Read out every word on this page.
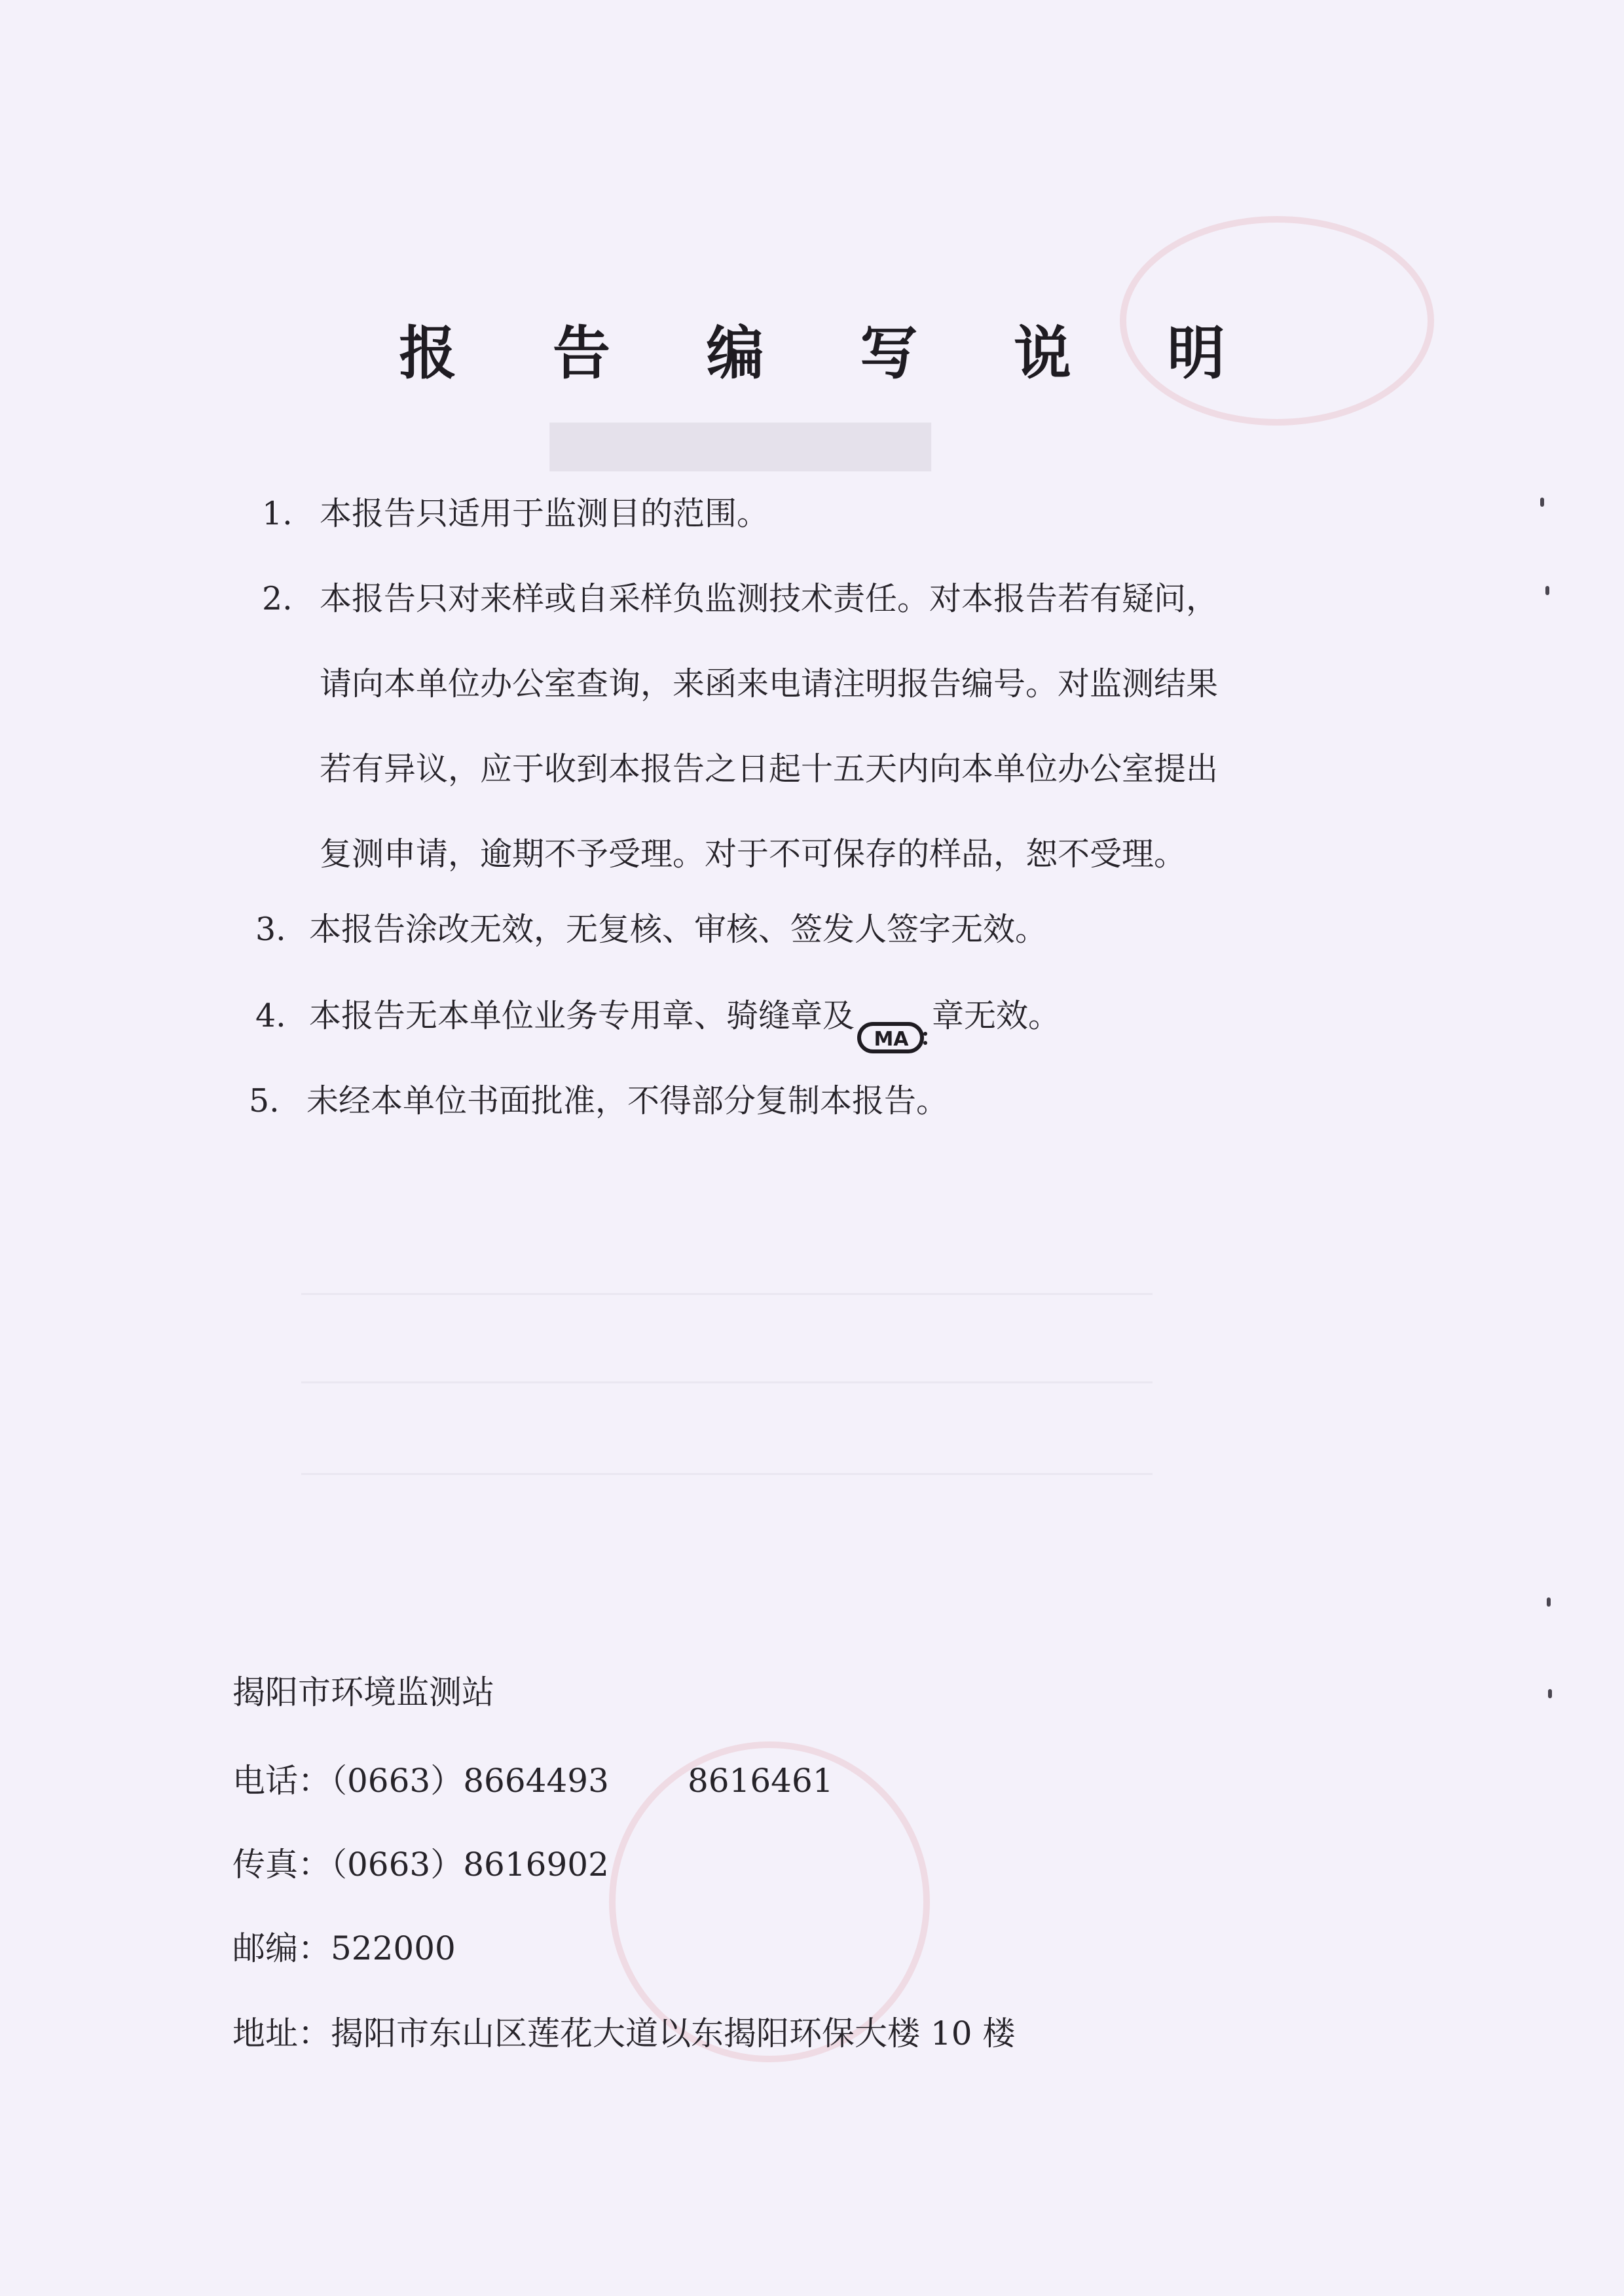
▆▆▆▆▆▆▆▆▆
报 告 编 写 说 明
1. 本报告只适用于监测目的范围。
2. 本报告只对来样或自采样负监测技术责任。对本报告若有疑问，
请向本单位办公室查询，来函来电请注明报告编号。对监测结果
若有异议，应于收到本报告之日起十五天内向本单位办公室提出
复测申请，逾期不予受理。对于不可保存的样品，恕不受理。
3. 本报告涂改无效，无复核、审核、签发人签字无效。
4. 本报告无本单位业务专用章、骑缝章及
MA
章无效。
5. 未经本单位书面批准，不得部分复制本报告。
揭阳市环境监测站
电话：（0663）8664493 8616461
传真：（0663）8616902
邮编：522000
地址：揭阳市东山区莲花大道以东揭阳环保大楼 10 楼
